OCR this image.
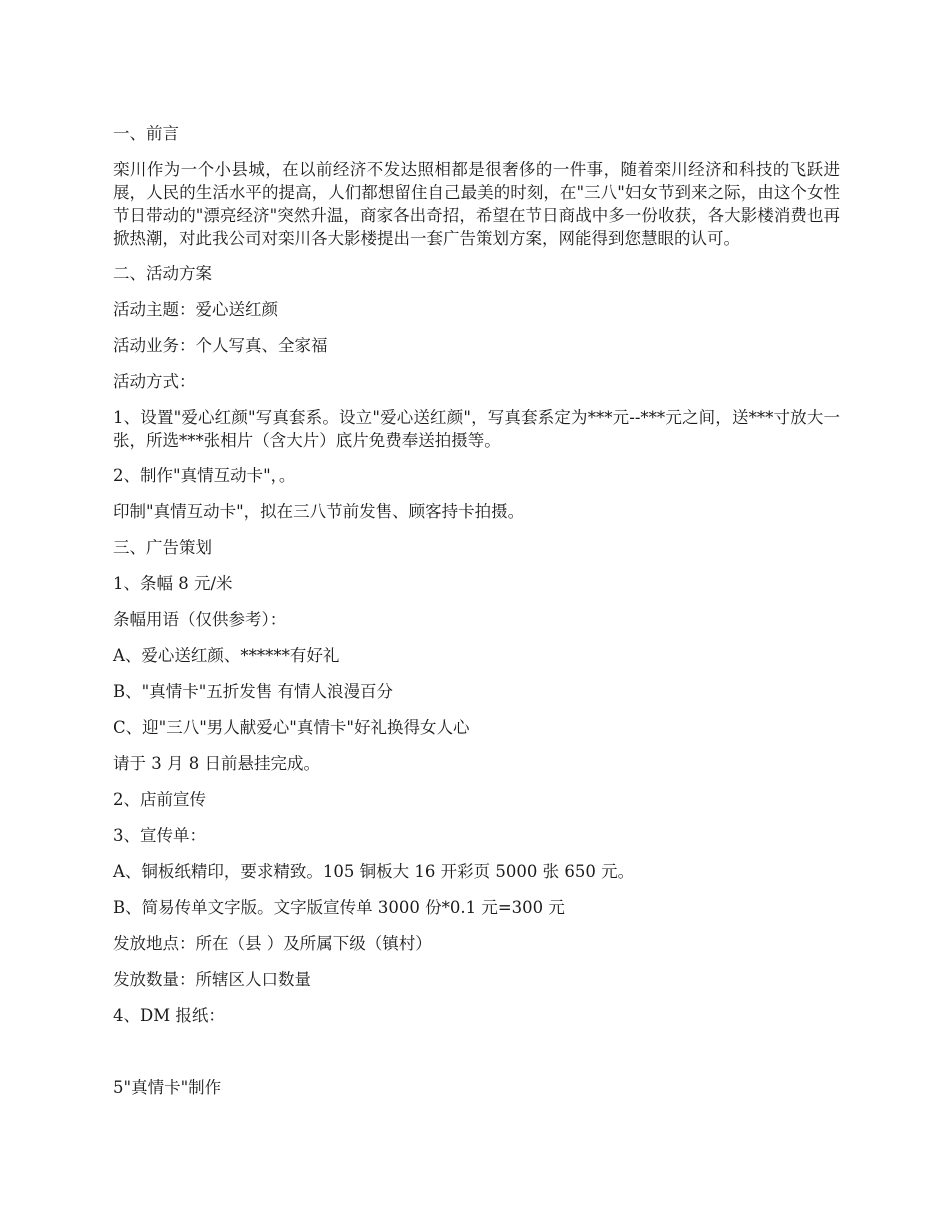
一、前言

栾川作为一个小县城，在以前经济不发达照相都是很奢侈的一件事，随着栾川经济和科技的飞跃进展，人民的生活水平的提高，人们都想留住自己最美的时刻，在"三八"妇女节到来之际，由这个女性节日带动的"漂亮经济"突然升温，商家各出奇招，希望在节日商战中多一份收获，各大影楼消费也再掀热潮，对此我公司对栾川各大影楼提出一套广告策划方案，网能得到您慧眼的认可。

二、活动方案

活动主题：爱心送红颜

活动业务：个人写真、全家福

活动方式：

1、设置"爱心红颜"写真套系。设立"爱心送红颜"，写真套系定为***元--***元之间，送***寸放大一张，所选***张相片（含大片）底片免费奉送拍摄等。

2、制作"真情互动卡"，。

印制"真情互动卡"，拟在三八节前发售、顾客持卡拍摄。

三、广告策划

1、条幅 8 元/米

条幅用语（仅供参考）：

A、爱心送红颜、******有好礼

B、"真情卡"五折发售 有情人浪漫百分

C、迎"三八"男人献爱心"真情卡"好礼换得女人心

请于 3 月 8 日前悬挂完成。

2、店前宣传

3、宣传单：

A、铜板纸精印，要求精致。105 铜板大 16 开彩页 5000 张 650 元。

B、简易传单文字版。文字版宣传单 3000 份*0.1 元=300 元

发放地点：所在（县 ）及所属下级（镇村）

发放数量：所辖区人口数量

4、DM 报纸：

5"真情卡"制作
